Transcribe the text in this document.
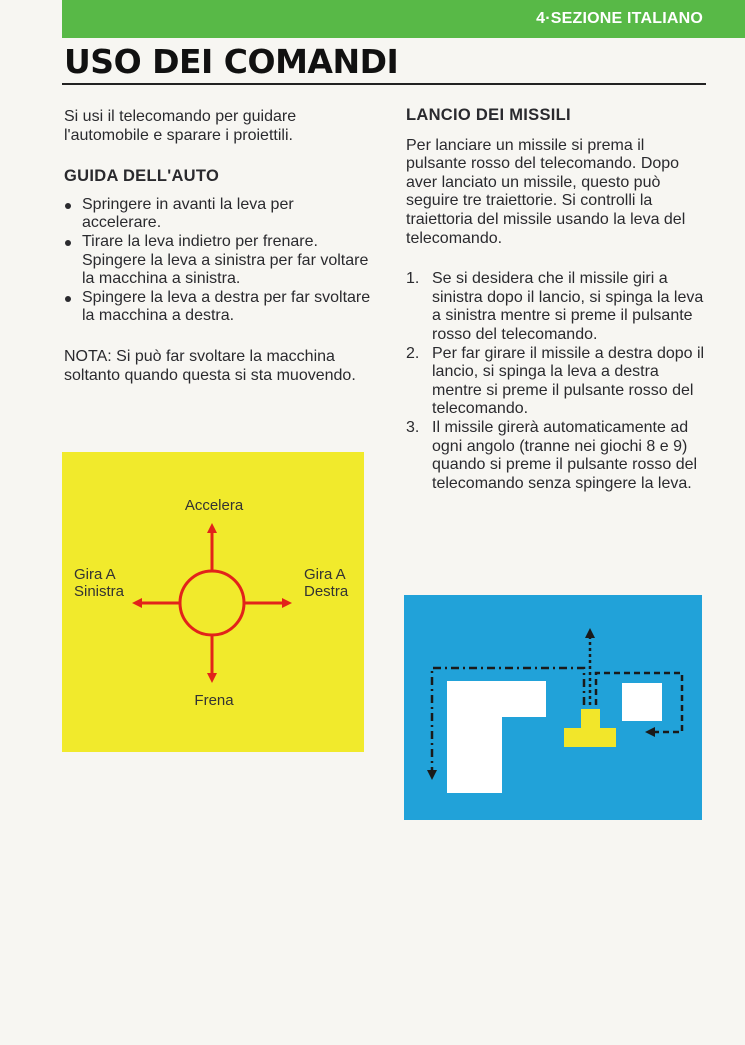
4·SEZIONE ITALIANO
USO DEI COMANDI

Si usi il telecomando per guidare l'automobile e sparare i proiettili.

GUIDA DELL'AUTO
Springere in avanti la leva per accelerare.
Tirare la leva indietro per frenare. Spingere la leva a sinistra per far voltare la macchina a sinistra.
Spingere la leva a destra per far svoltare la macchina a destra.

NOTA: Si può far svoltare la macchina soltanto quando questa si sta muovendo.

LANCIO DEI MISSILI

Per lanciare un missile si prema il pulsante rosso del telecomando. Dopo aver lanciato un missile, questo può seguire tre traiettorie. Si controlli la traiettoria del missile usando la leva del telecomando.

1. Se si desidera che il missile giri a sinistra dopo il lancio, si spinga la leva a sinistra mentre si preme il pulsante rosso del telecomando.
2. Per far girare il missile a destra dopo il lancio, si spinga la leva a destra mentre si preme il pulsante rosso del telecomando.
3. Il missile girerà automaticamente ad ogni angolo (tranne nei giochi 8 e 9) quando si preme il pulsante rosso del telecomando senza spingere la leva.
Accelera
Frena
Gira A
Sinistra
Gira A
Destra
